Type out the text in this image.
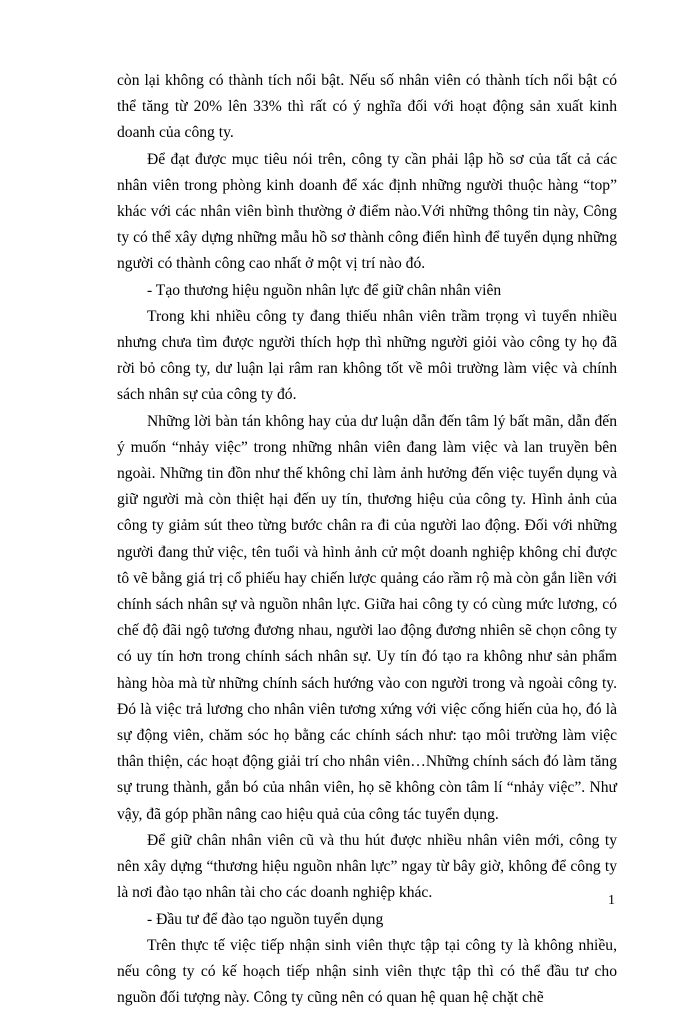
còn lại không có thành tích nổi bật. Nếu số nhân viên có thành tích nổi bật có thể tăng từ 20% lên 33% thì rất có ý nghĩa đối với hoạt động sản xuất kinh doanh của công ty.

Để đạt được mục tiêu nói trên, công ty cần phải lập hồ sơ của tất cả các nhân viên trong phòng kinh doanh để xác định những người thuộc hàng “top” khác với các nhân viên bình thường ở điểm nào.Với những thông tin này, Công ty có thể xây dựng những mẫu hồ sơ thành công điển hình để tuyển dụng những người có thành công cao nhất ở một vị trí nào đó.

- Tạo thương hiệu nguồn nhân lực để giữ chân nhân viên

Trong khi nhiều công ty đang thiếu nhân viên trầm trọng vì tuyển nhiều nhưng chưa tìm được người thích hợp thì những người giỏi vào công ty họ đã rời bỏ công ty, dư luận lại râm ran không tốt về môi trường làm việc và chính sách nhân sự của công ty đó.

Những lời bàn tán không hay của dư luận dẫn đến tâm lý bất mãn, dẫn đến ý muốn “nhảy việc” trong những nhân viên đang làm việc và lan truyền bên ngoài. Những tin đồn như thế không chỉ làm ảnh hưởng đến việc tuyển dụng và giữ người mà còn thiệt hại đến uy tín, thương hiệu của công ty. Hình ảnh của công ty giảm sút theo từng bước chân ra đi của người lao động. Đối với những người đang thử việc, tên tuổi và hình ảnh cử một doanh nghiệp không chỉ được tô vẽ bằng giá trị cổ phiếu hay chiến lược quảng cáo rầm rộ mà còn gắn liền với chính sách nhân sự và nguồn nhân lực. Giữa hai công ty có cùng mức lương, có chế độ đãi ngộ tương đương nhau, người lao động đương nhiên sẽ chọn công ty có uy tín hơn trong chính sách nhân sự. Uy tín đó tạo ra không như sản phẩm hàng hòa mà từ những chính sách hướng vào con người trong và ngoài công ty. Đó là việc trả lương cho nhân viên tương xứng với việc cống hiến của họ, đó là sự động viên, chăm sóc họ bằng các chính sách như: tạo môi trường làm việc thân thiện, các hoạt động giải trí cho nhân viên…Những chính sách đó làm tăng sự trung thành, gắn bó của nhân viên, họ sẽ không còn tâm lí “nhảy việc”. Như vậy, đã góp phần nâng cao hiệu quả của công tác tuyển dụng.

Để giữ chân nhân viên cũ và thu hút được nhiều nhân viên mới, công ty nên xây dựng “thương hiệu nguồn nhân lực” ngay từ bây giờ, không để công ty là nơi đào tạo nhân tài cho các doanh nghiệp khác.

- Đầu tư để đào tạo nguồn tuyển dụng

Trên thực tế việc tiếp nhận sinh viên thực tập tại công ty là không nhiều, nếu công ty có kế hoạch tiếp nhận sinh viên thực tập thì có thể đầu tư cho nguồn đối tượng này. Công ty cũng nên có quan hệ quan hệ chặt chẽ

1
